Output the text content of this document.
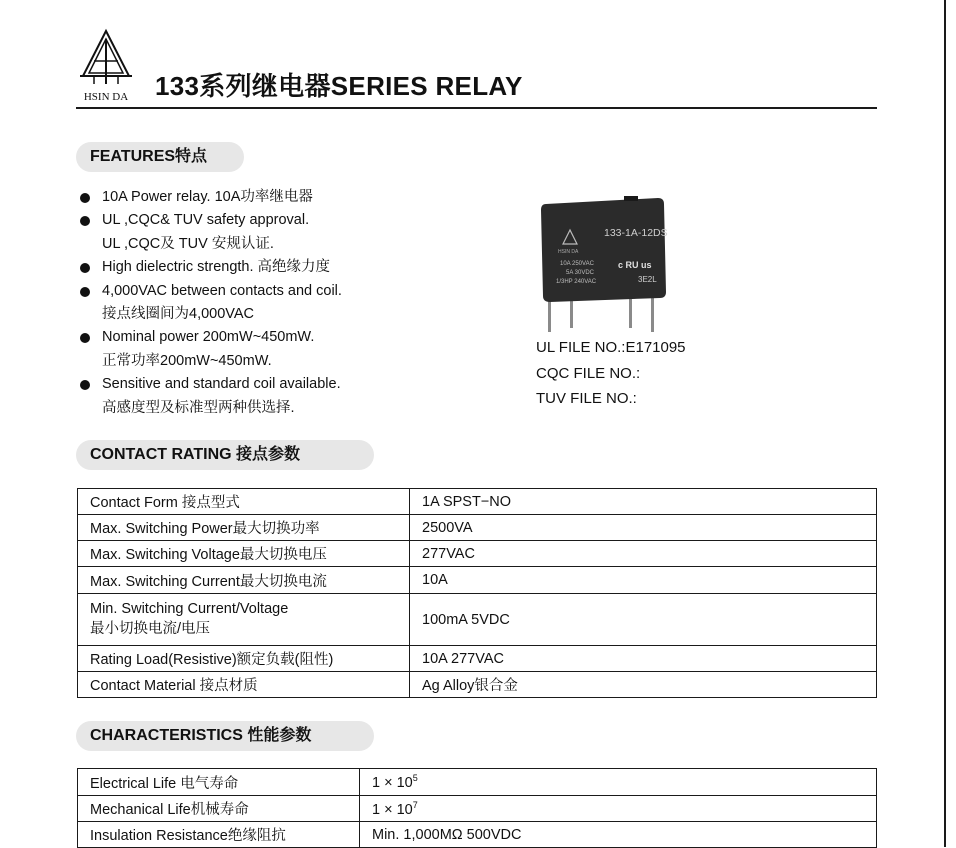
HSIN DA	133系列继电器SERIES RELAY
FEATURES特点
10A Power relay. 10A功率继电器
UL ,CQC& TUV safety approval.
UL ,CQC及 TUV 安规认证.
High dielectric strength. 高绝缘力度
4,000VAC between contacts and coil.
接点线圈间为4,000VAC
Nominal power 200mW~450mW.
正常功率200mW~450mW.
Sensitive and standard coil available.
高感度型及标准型两种供选择.
HSIN DA
133-1A-12DS
10A 250VAC
5A 30VDC
1/3HP 240VAC
c RU us
3E2L
UL FILE NO.:E171095
CQC FILE NO.:
TUV FILE NO.:
CONTACT RATING 接点参数
Contact Form 接点型式	1A SPST−NO
Max. Switching Power最大切换功率	2500VA
Max. Switching Voltage最大切换电压	277VAC
Max. Switching Current最大切换电流	10A

Min. Switching Current/Voltage
最小切换电流/电压	100mA 5VDC
Rating Load(Resistive)额定负载(阻性)	10A 277VAC
Contact Material 接点材质	Ag Alloy银合金
CHARACTERISTICS 性能参数
Electrical Life 电气寿命	$1 \times 10^5$
Mechanical Life机械寿命	$1 \times 10^7$
Insulation Resistance绝缘阻抗	Min. 1,000MΩ 500VDC
